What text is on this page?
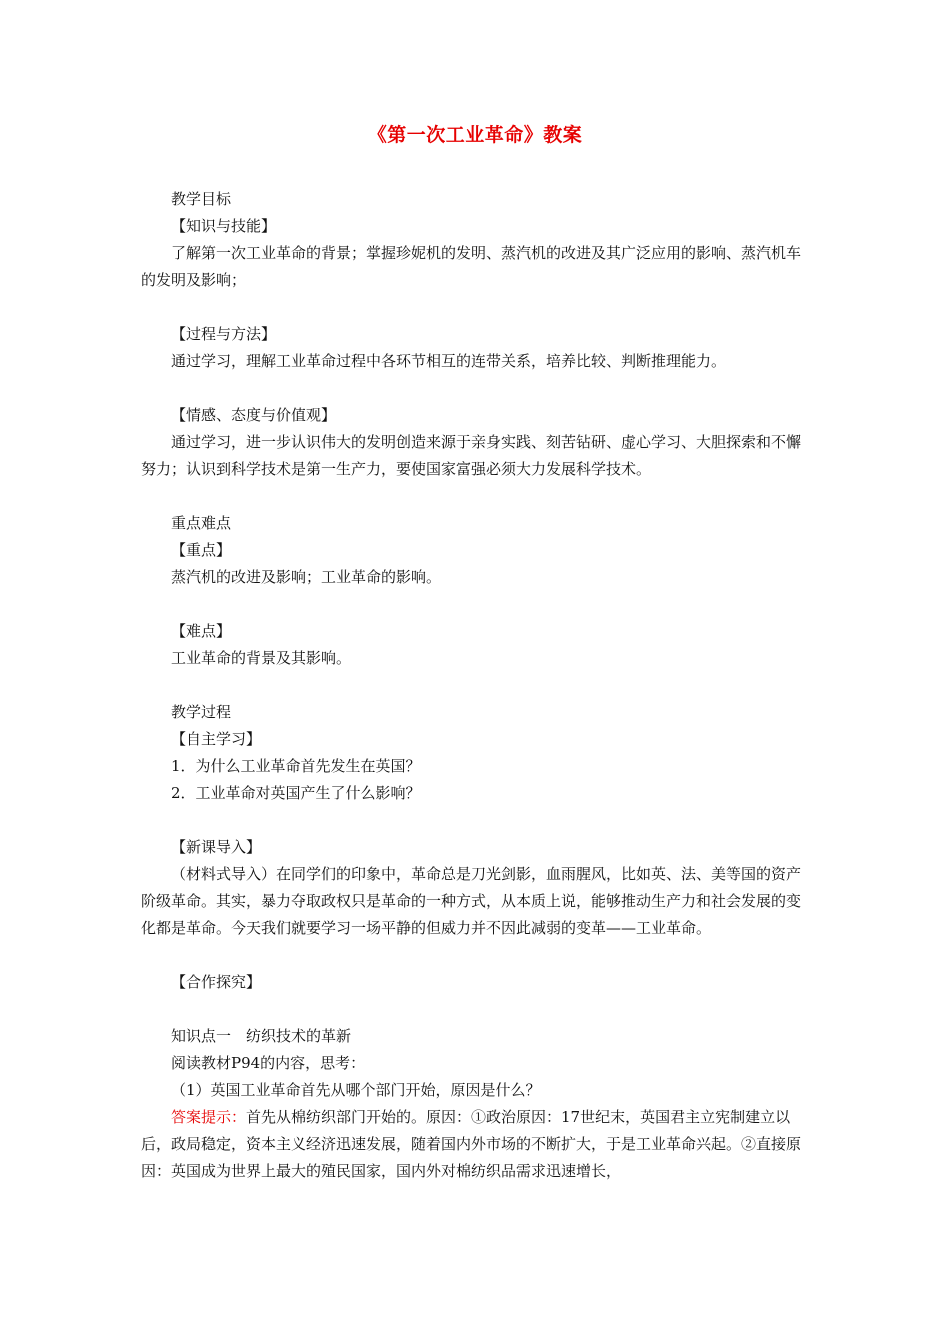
《第一次工业革命》教案

教学目标

【知识与技能】

了解第一次工业革命的背景；掌握珍妮机的发明、蒸汽机的改进及其广泛应用的影响、蒸汽机车的发明及影响；

【过程与方法】

通过学习，理解工业革命过程中各环节相互的连带关系，培养比较、判断推理能力。

【情感、态度与价值观】

通过学习，进一步认识伟大的发明创造来源于亲身实践、刻苦钻研、虚心学习、大胆探索和不懈努力；认识到科学技术是第一生产力，要使国家富强必须大力发展科学技术。

重点难点

【重点】

蒸汽机的改进及影响；工业革命的影响。

【难点】

工业革命的背景及其影响。

教学过程

【自主学习】

1．为什么工业革命首先发生在英国？

2．工业革命对英国产生了什么影响？

【新课导入】

（材料式导入）在同学们的印象中，革命总是刀光剑影，血雨腥风，比如英、法、美等国的资产阶级革命。其实，暴力夺取政权只是革命的一种方式，从本质上说，能够推动生产力和社会发展的变化都是革命。今天我们就要学习一场平静的但威力并不因此减弱的变革——工业革命。

【合作探究】

知识点一　纺织技术的革新

阅读教材P94的内容，思考：

（1）英国工业革命首先从哪个部门开始，原因是什么？

答案提示：首先从棉纺织部门开始的。原因：①政治原因：17世纪末，英国君主立宪制建立以后，政局稳定，资本主义经济迅速发展，随着国内外市场的不断扩大，于是工业革命兴起。②直接原因：英国成为世界上最大的殖民国家，国内外对棉纺织品需求迅速增长，
